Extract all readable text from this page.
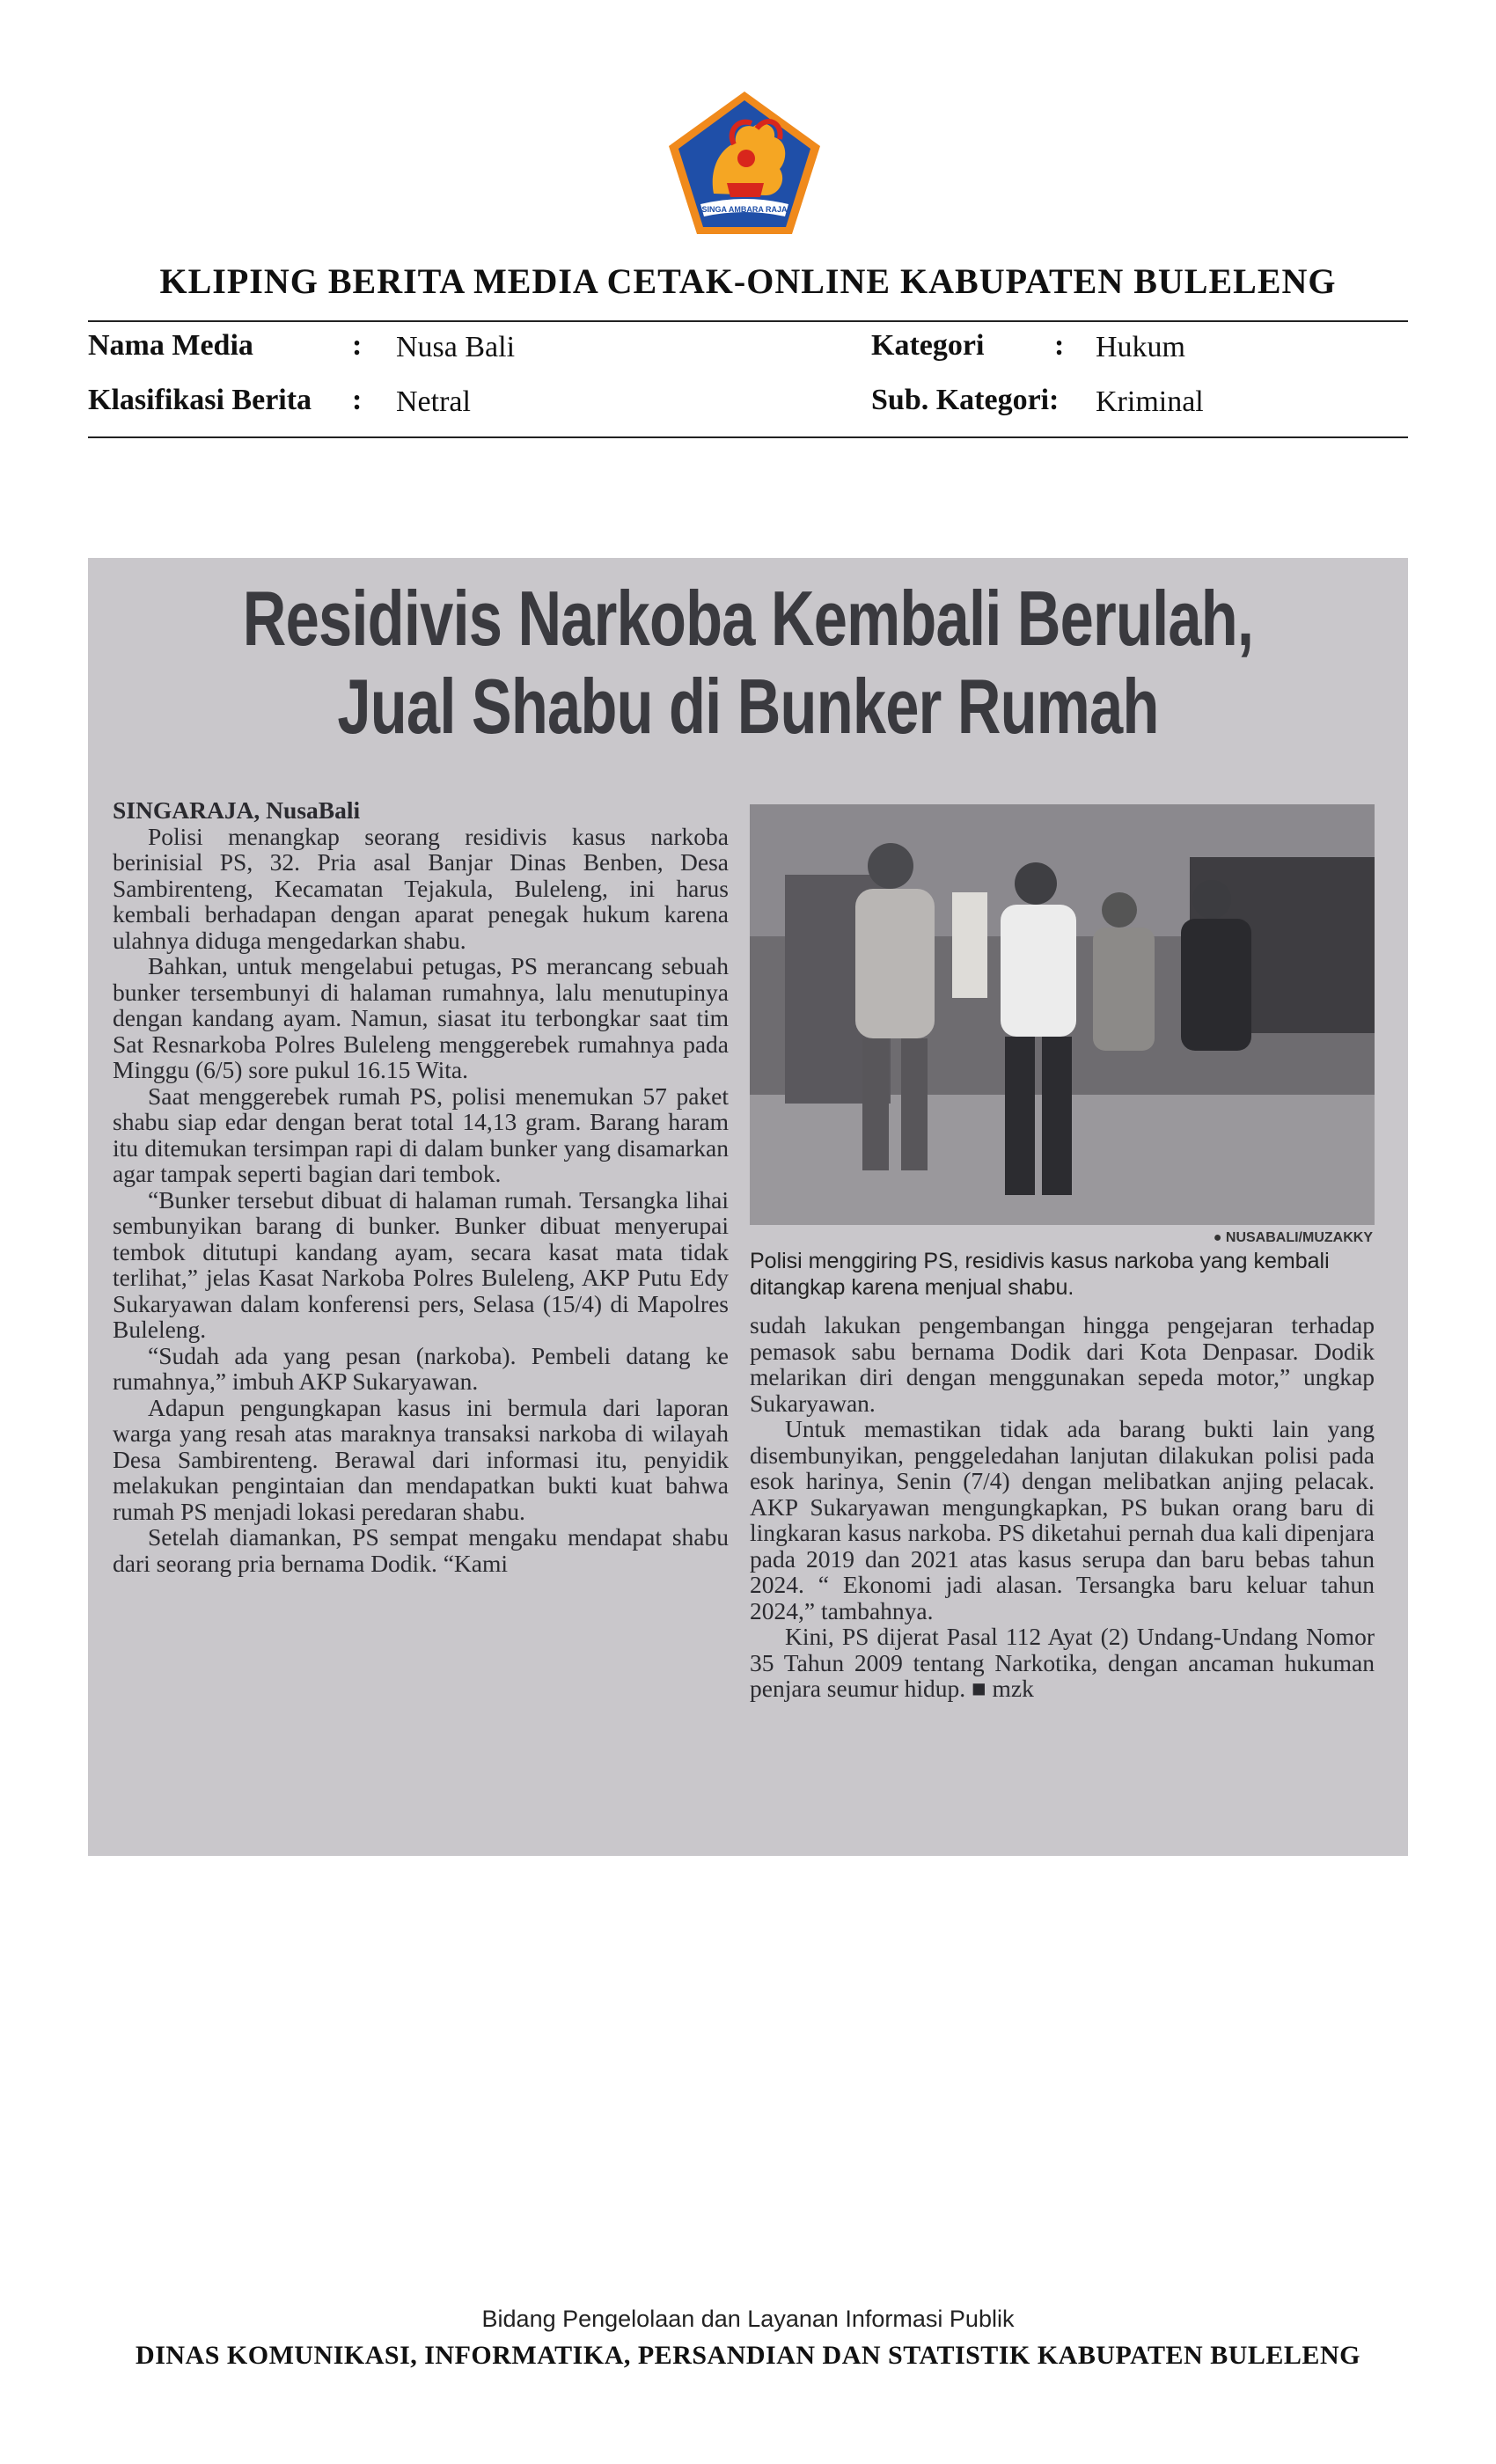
SINGA AMBARA RAJA
KLIPING BERITA MEDIA CETAK-ONLINE KABUPATEN BULELENG
Nama Media	: Nusa Bali
Klasifikasi Berita : Netral
Kategori : Hukum
Sub. Kategori : Kriminal
Residivis Narkoba Kembali Berulah,
Jual Shabu di Bunker Rumah
SINGARAJA, NusaBali

Polisi menangkap seorang residivis kasus narkoba berinisial PS, 32. Pria asal Banjar Dinas Benben, Desa Sambirenteng, Kecamatan Tejakula, Buleleng, ini harus kembali berhadapan dengan aparat penegak hukum karena ulahnya diduga mengedarkan shabu.

Bahkan, untuk mengelabui petugas, PS merancang sebuah bunker tersembunyi di halaman rumahnya, lalu menutupinya dengan kandang ayam. Namun, siasat itu terbongkar saat tim Sat Resnarkoba Polres Buleleng menggerebek rumahnya pada Minggu (6/5) sore pukul 16.15 Wita.

Saat menggerebek rumah PS, polisi menemukan 57 paket shabu siap edar dengan berat total 14,13 gram. Barang haram itu ditemukan tersimpan rapi di dalam bunker yang disamarkan agar tampak seperti bagian dari tembok.

“Bunker tersebut dibuat di halaman rumah. Tersangka lihai sembunyikan barang di bunker. Bunker dibuat menyerupai tembok ditutupi kandang ayam, secara kasat mata tidak terlihat,” jelas Kasat Narkoba Polres Buleleng, AKP Putu Edy Sukaryawan dalam konferensi pers, Selasa (15/4) di Mapolres Buleleng.

“Sudah ada yang pesan (narkoba). Pembeli datang ke rumahnya,” imbuh AKP Sukaryawan.

Adapun pengungkapan kasus ini bermula dari laporan warga yang resah atas maraknya transaksi narkoba di wilayah Desa Sambirenteng. Berawal dari informasi itu, penyidik melakukan pengintaian dan mendapatkan bukti kuat bahwa rumah PS menjadi lokasi peredaran shabu.

Setelah diamankan, PS sempat mengaku mendapat shabu dari seorang pria bernama Dodik. “Kami

● NUSABALI/MUZAKKY
Polisi menggiring PS, residivis kasus narkoba yang kembali ditangkap karena menjual shabu.

sudah lakukan pengembangan hingga pengejaran terhadap pemasok sabu bernama Dodik dari Kota Denpasar. Dodik melarikan diri dengan menggunakan sepeda motor,” ungkap Sukaryawan.

Untuk memastikan tidak ada barang bukti lain yang disembunyikan, penggeledahan lanjutan dilakukan polisi pada esok harinya, Senin (7/4) dengan melibatkan anjing pelacak. AKP Sukaryawan mengungkapkan, PS bukan orang baru di lingkaran kasus narkoba. PS diketahui pernah dua kali dipenjara pada 2019 dan 2021 atas kasus serupa dan baru bebas tahun 2024. “ Ekonomi jadi alasan. Tersangka baru keluar tahun 2024,” tambahnya.

Kini, PS dijerat Pasal 112 Ayat (2) Undang-Undang Nomor 35 Tahun 2009 tentang Narkotika, dengan ancaman hukuman penjara seumur hidup. ■ mzk

Bidang Pengelolaan dan Layanan Informasi Publik
DINAS KOMUNIKASI, INFORMATIKA, PERSANDIAN DAN STATISTIK KABUPATEN BULELENG
